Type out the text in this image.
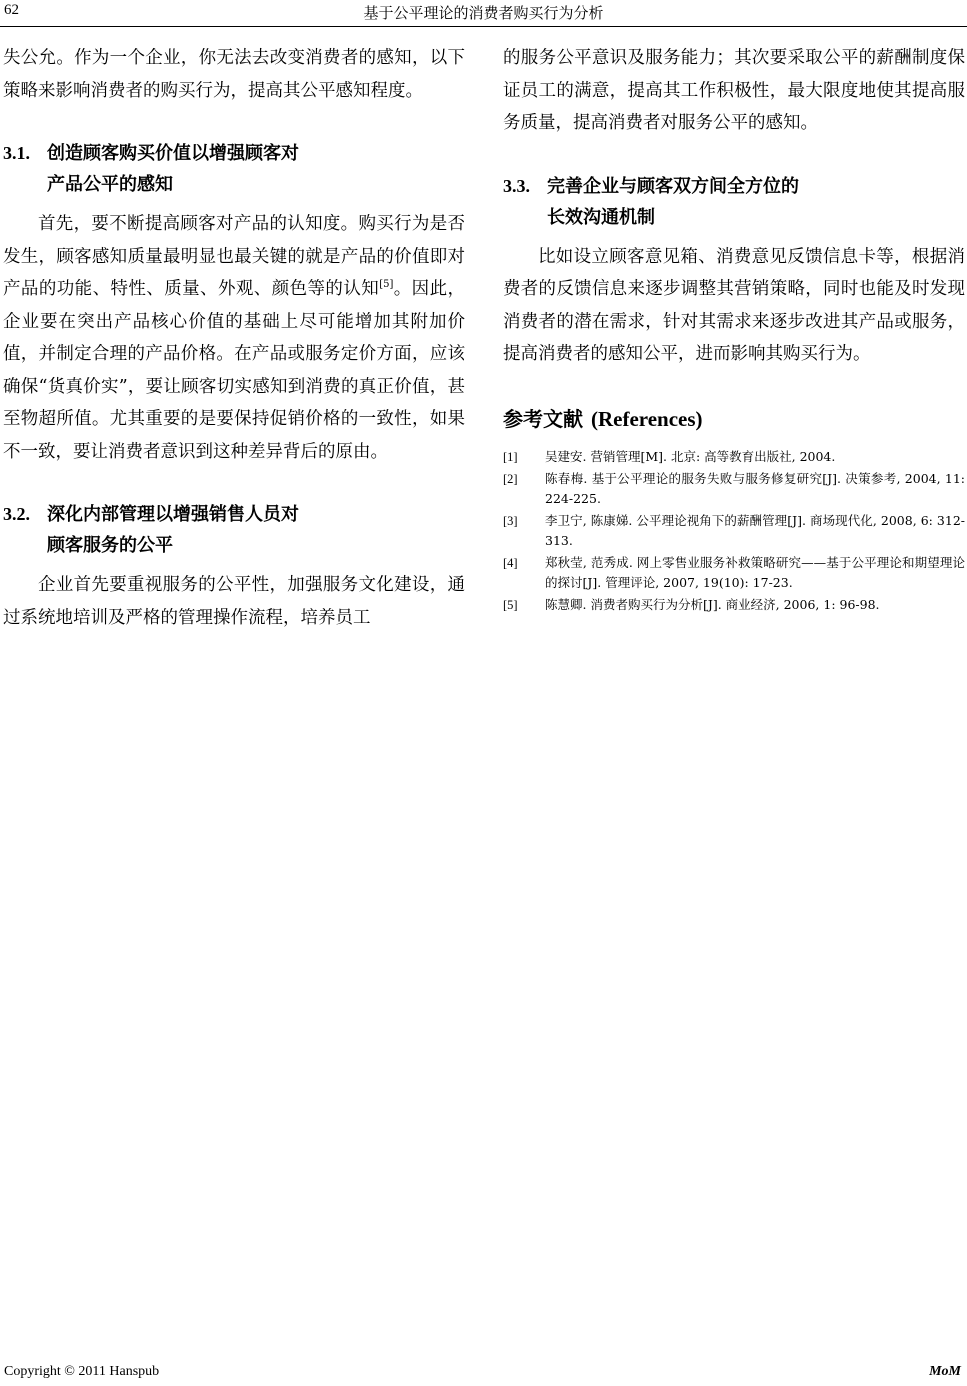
62	基于公平理论的消费者购买行为分析

失公允。作为一个企业，你无法去改变消费者的感知，以下策略来影响消费者的购买行为，提高其公平感知程度。

3.1. 创造顾客购买价值以增强顾客对
产品公平的感知

首先，要不断提高顾客对产品的认知度。购买行为是否发生，顾客感知质量最明显也最关键的就是产品的价值即对产品的功能、特性、质量、外观、颜色等的认知[5]。因此，企业要在突出产品核心价值的基础上尽可能增加其附加价值，并制定合理的产品价格。在产品或服务定价方面，应该确保“货真价实”，要让顾客切实感知到消费的真正价值，甚至物超所值。尤其重要的是要保持促销价格的一致性，如果不一致，要让消费者意识到这种差异背后的原由。

3.2. 深化内部管理以增强销售人员对
顾客服务的公平

企业首先要重视服务的公平性，加强服务文化建设，通过系统地培训及严格的管理操作流程，培养员工

的服务公平意识及服务能力；其次要采取公平的薪酬制度保证员工的满意，提高其工作积极性，最大限度地使其提高服务质量，提高消费者对服务公平的感知。

3.3. 完善企业与顾客双方间全方位的
长效沟通机制

比如设立顾客意见箱、消费意见反馈信息卡等，根据消费者的反馈信息来逐步调整其营销策略，同时也能及时发现消费者的潜在需求，针对其需求来逐步改进其产品或服务，提高消费者的感知公平，进而影响其购买行为。

参考文献 (References)
[1]	吴建安. 营销管理[M]. 北京: 高等教育出版社, 2004.
[2]	陈春梅. 基于公平理论的服务失败与服务修复研究[J]. 决策参考, 2004, 11: 224-225.
[3]	李卫宁, 陈康娣. 公平理论视角下的薪酬管理[J]. 商场现代化, 2008, 6: 312-313.
[4]	郑秋莹, 范秀成. 网上零售业服务补救策略研究——基于公平理论和期望理论的探讨[J]. 管理评论, 2007, 19(10): 17-23.
[5]	陈慧卿. 消费者购买行为分析[J]. 商业经济, 2006, 1: 96-98.
Copyright © 2011 Hanspub	MoM
